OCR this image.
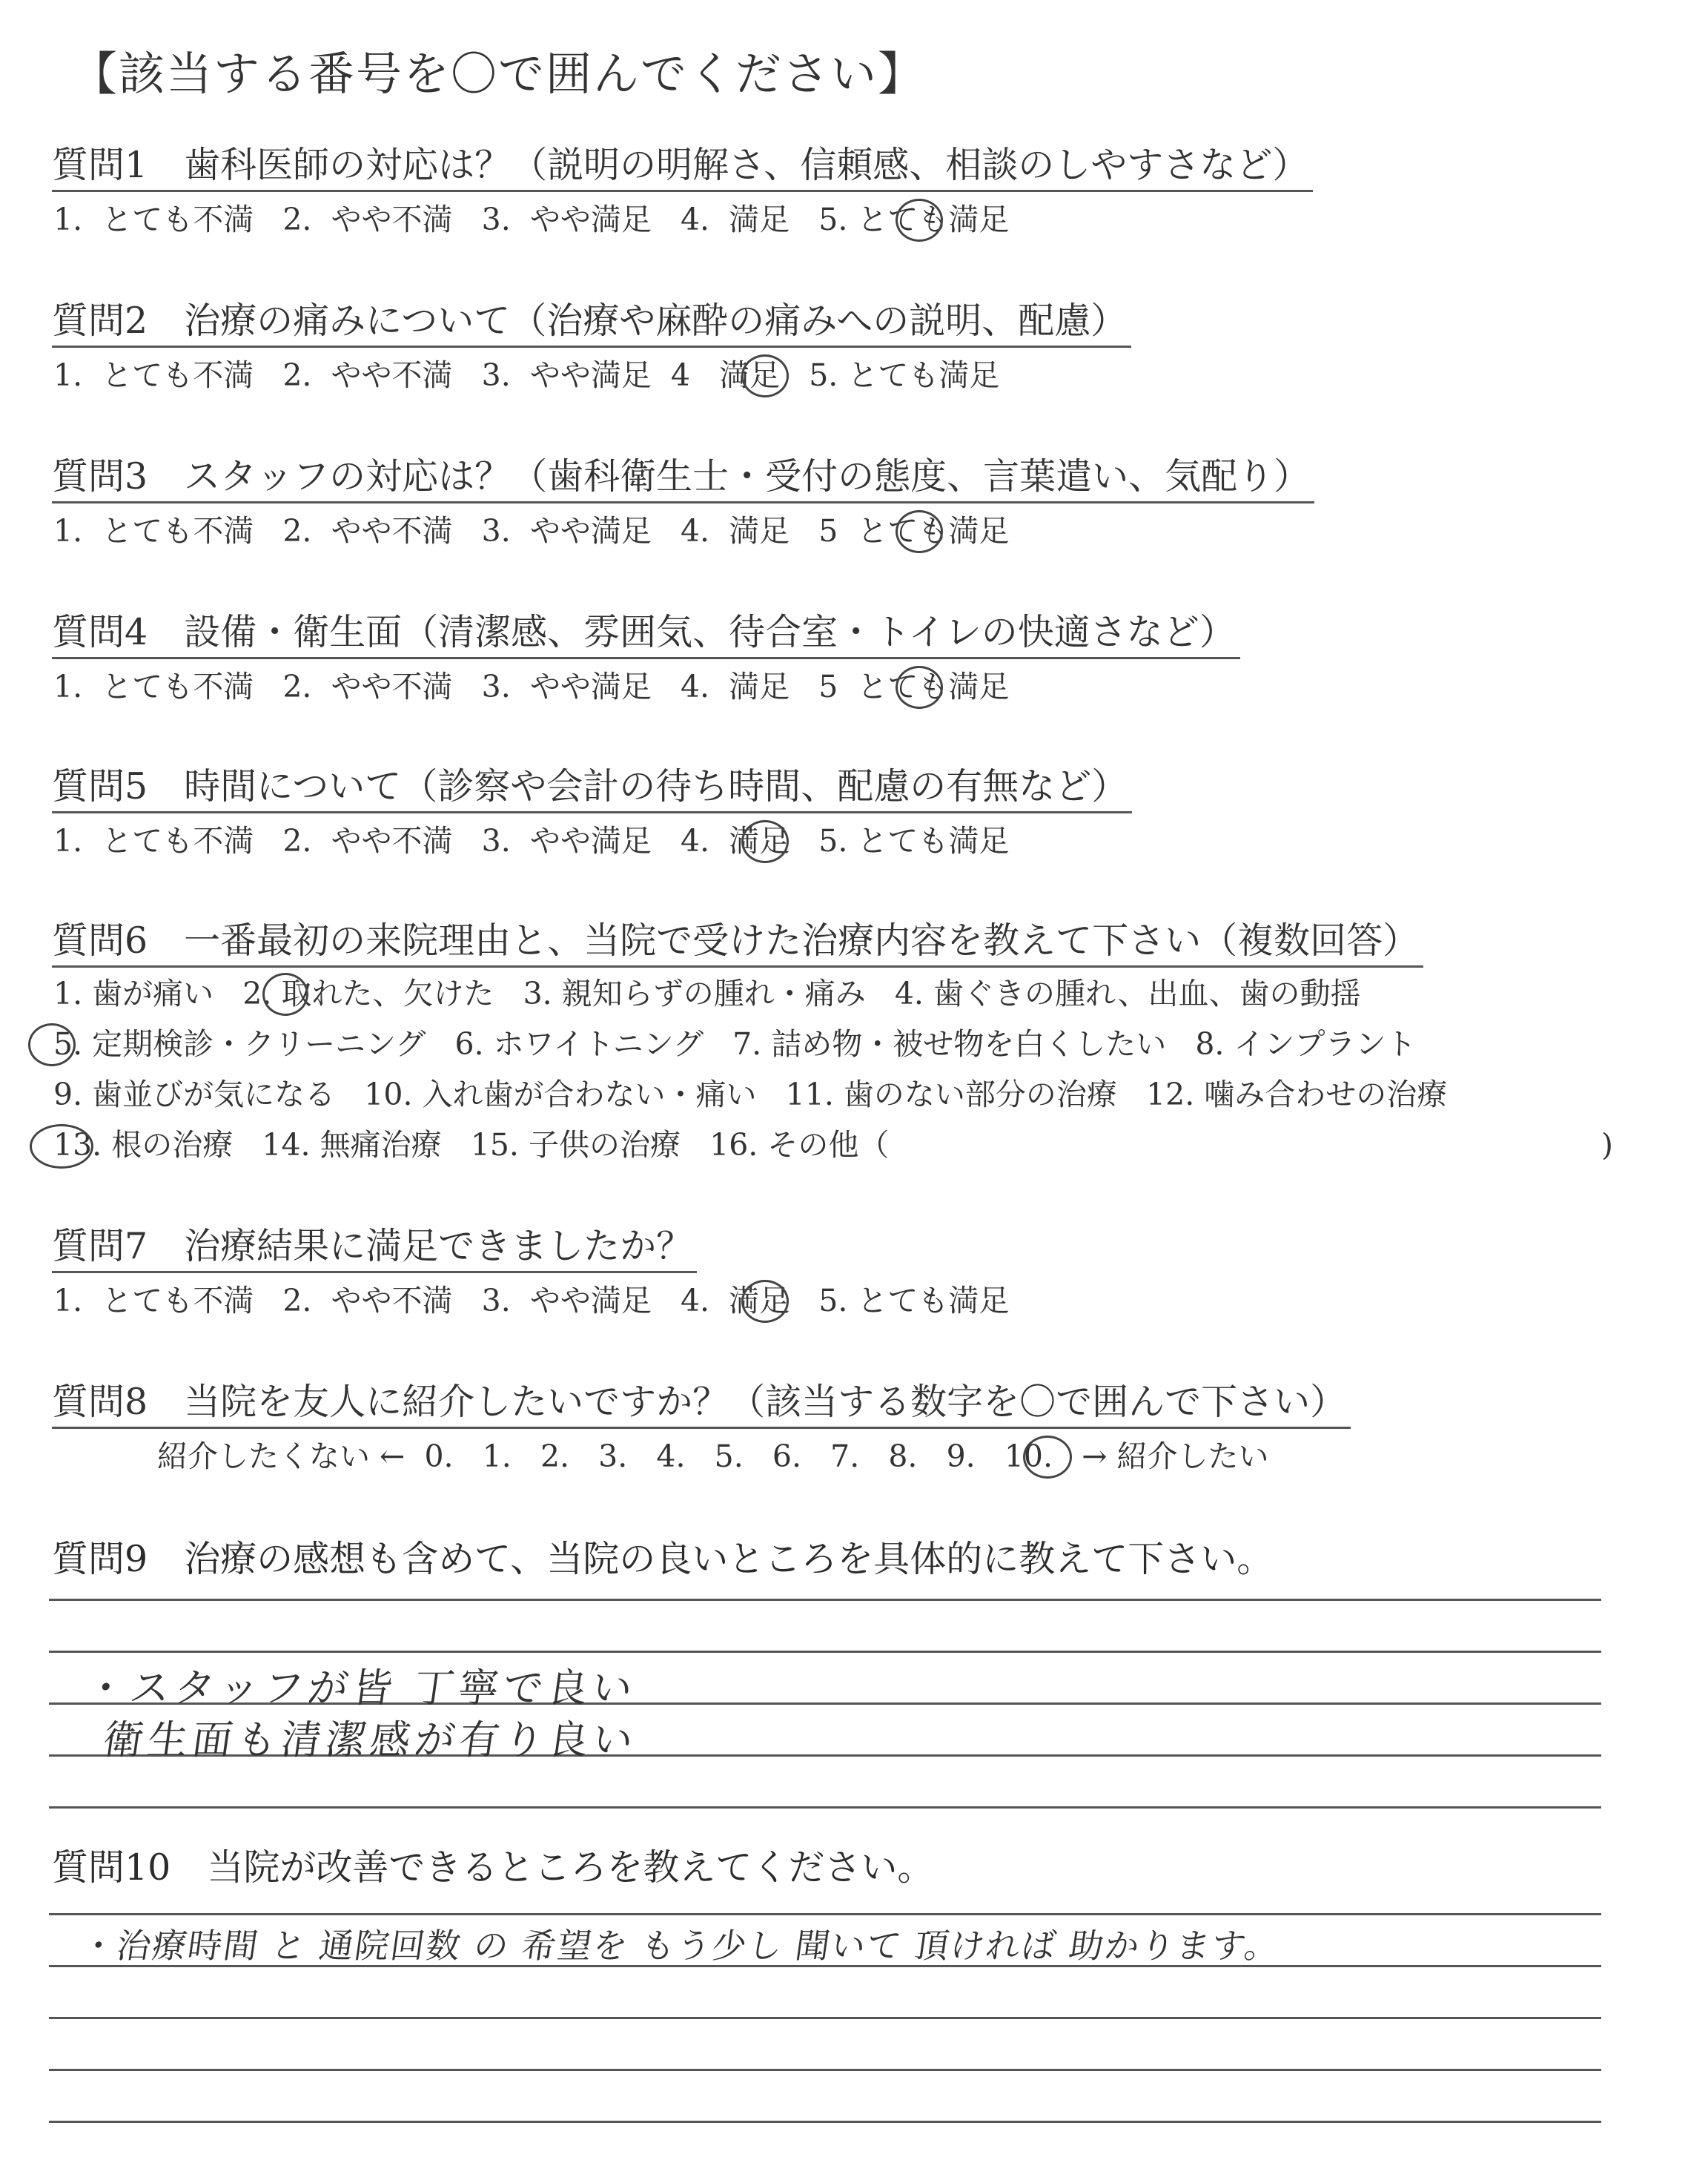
【該当する番号を〇で囲んでください】
質問1　歯科医師の対応は？（説明の明解さ、信頼感、相談のしやすさなど）
1. とても不満 2. やや不満 3. やや満足 4. 満足 5. とても満足
質問2　治療の痛みについて（治療や麻酔の痛みへの説明、配慮）
1. とても不満 2. やや不満 3. やや満足 4 満足 5. とても満足
質問3　スタッフの対応は？（歯科衛生士・受付の態度、言葉遣い、気配り）
1. とても不満 2. やや不満 3. やや満足 4. 満足 5 とても満足
質問4　設備・衛生面（清潔感、雰囲気、待合室・トイレの快適さなど）
1. とても不満 2. やや不満 3. やや満足 4. 満足 5 とても満足
質問5　時間について（診察や会計の待ち時間、配慮の有無など）
1. とても不満 2. やや不満 3. やや満足 4. 満足 5. とても満足
質問6　一番最初の来院理由と、当院で受けた治療内容を教えて下さい（複数回答）
1. 歯が痛い 2. 取れた、欠けた 3. 親知らずの腫れ・痛み 4. 歯ぐきの腫れ、出血、歯の動揺
5. 定期検診・クリーニング 6. ホワイトニング 7. 詰め物・被せ物を白くしたい 8. インプラント
9. 歯並びが気になる 10. 入れ歯が合わない・痛い 11. 歯のない部分の治療 12. 噛み合わせの治療
13. 根の治療 14. 無痛治療 15. 子供の治療 16. その他（	)
質問7　治療結果に満足できましたか？
1. とても不満 2. やや不満 3. やや満足 4. 満足 5. とても満足
質問8　当院を友人に紹介したいですか？（該当する数字を〇で囲んで下さい）
紹介したくない ← 0. 1. 2. 3. 4. 5. 6. 7. 8. 9. 10. → 紹介したい
質問9　治療の感想も含めて、当院の良いところを具体的に教えて下さい。
・スタッフが皆 丁寧で良い
衛生面も清潔感が有り良い
質問10　当院が改善できるところを教えてください。
・治療時間 と 通院回数 の 希望を もう少し 聞いて 頂ければ 助かります。
